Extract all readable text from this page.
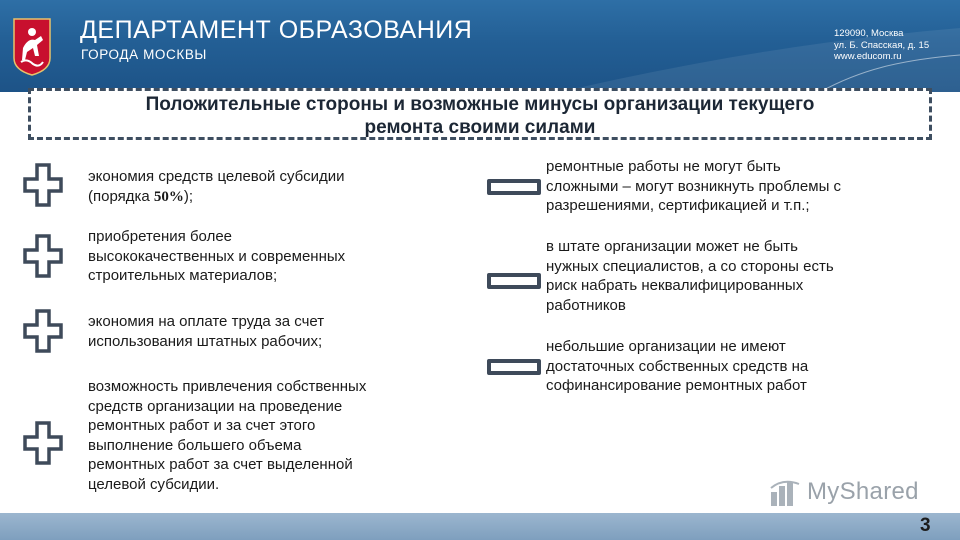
ДЕПАРТАМЕНТ ОБРАЗОВАНИЯ
ГОРОДА МОСКВЫ
129090, Москва
ул. Б. Спасская, д. 15
www.educom.ru
Положительные стороны и возможные минусы организации текущего
ремонта своими силами
экономия средств целевой субсидии
(порядка 50%);
приобретения более
высококачественных и современных
строительных материалов;
экономия на оплате труда за счет
использования штатных рабочих;
возможность привлечения собственных
средств организации на проведение
ремонтных работ и за счет этого
выполнение большего объема
ремонтных работ за счет выделенной
целевой субсидии.
ремонтные работы не могут быть
сложными – могут возникнуть проблемы с
разрешениями, сертификацией и т.п.;
в штате организации может не быть
нужных специалистов, а со стороны есть
риск набрать неквалифицированных
работников
небольшие организации не имеют
достаточных собственных средств на
софинансирование ремонтных работ
MyShared
3
